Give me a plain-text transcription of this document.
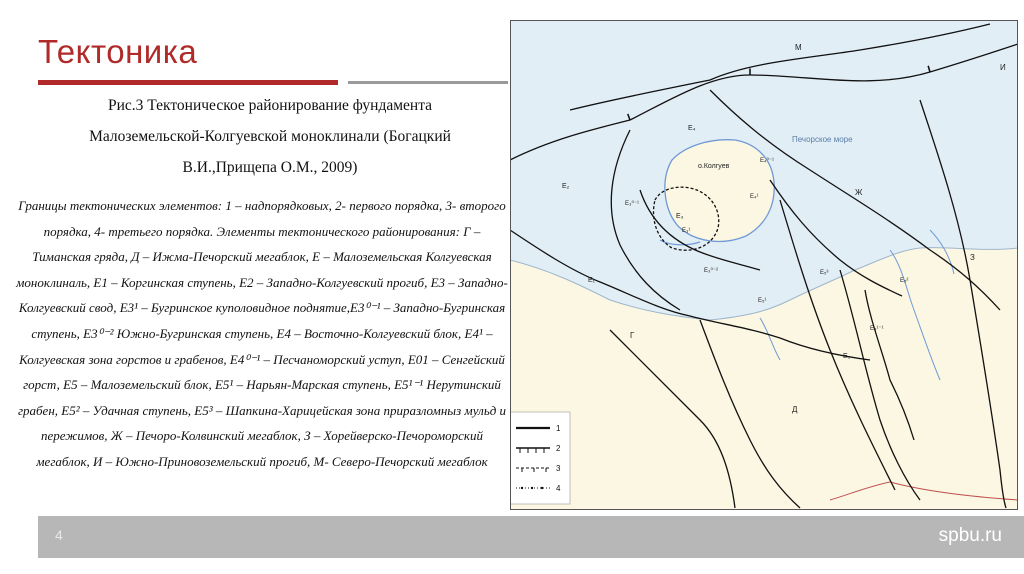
Тектоника
Рис.3 Тектоническое районирование фундамента
Малоземельской-Колгуевской моноклинали (Богацкий
В.И.,Прищепа О.М., 2009)
Границы тектонических элементов: 1 – надпорядковых, 2- первого порядка, 3- второго порядка, 4- третьего порядка. Элементы тектонического районирования: Г – Тиманская гряда, Д – Ижма-Печорский мегаблок, Е – Малоземельская Колгуевская моноклиналь, Е1 – Коргинская ступень, Е2 – Западно-Колгуевский прогиб, Е3 – Западно-Колгуевский свод, Е3¹ – Бугринское куполовидное поднятие,Е3⁰⁻¹ – Западно-Бугринская ступень, Е3⁰⁻² Южно-Бугринская ступень, Е4 – Восточно-Колгуевский блок, Е4¹ – Колгуевская зона горстов и грабенов, Е4⁰⁻¹ – Песчаноморский уступ, Е01 – Сенгейский горст, Е5 – Малоземельский блок, Е5¹ – Нарьян-Марская ступень, Е5¹⁻¹ Нерутинский грабен, Е5² – Удачная ступень, Е5³ – Шапкина-Харицейская зона приразломныз мульд и пережимов, Ж – Печоро-Колвинский мегаблок, З – Хорейверско-Печороморский мегаблок, И – Южно-Приновоземельский прогиб, М- Северо-Печорский мегаблок
М
И
Е₄
о.Колгуев
Печорское море
Е₄⁰⁻¹
Е₂
Е₄¹
Е₃⁰⁻¹
Е₃
Е₃¹
Ж
Е₃⁰⁻²	Е₅³
З
Е₁
Е₅¹
Е₅²
Е₅¹⁻¹
Е₅
Г
Д
1
2
3
4
4	spbu.ru
